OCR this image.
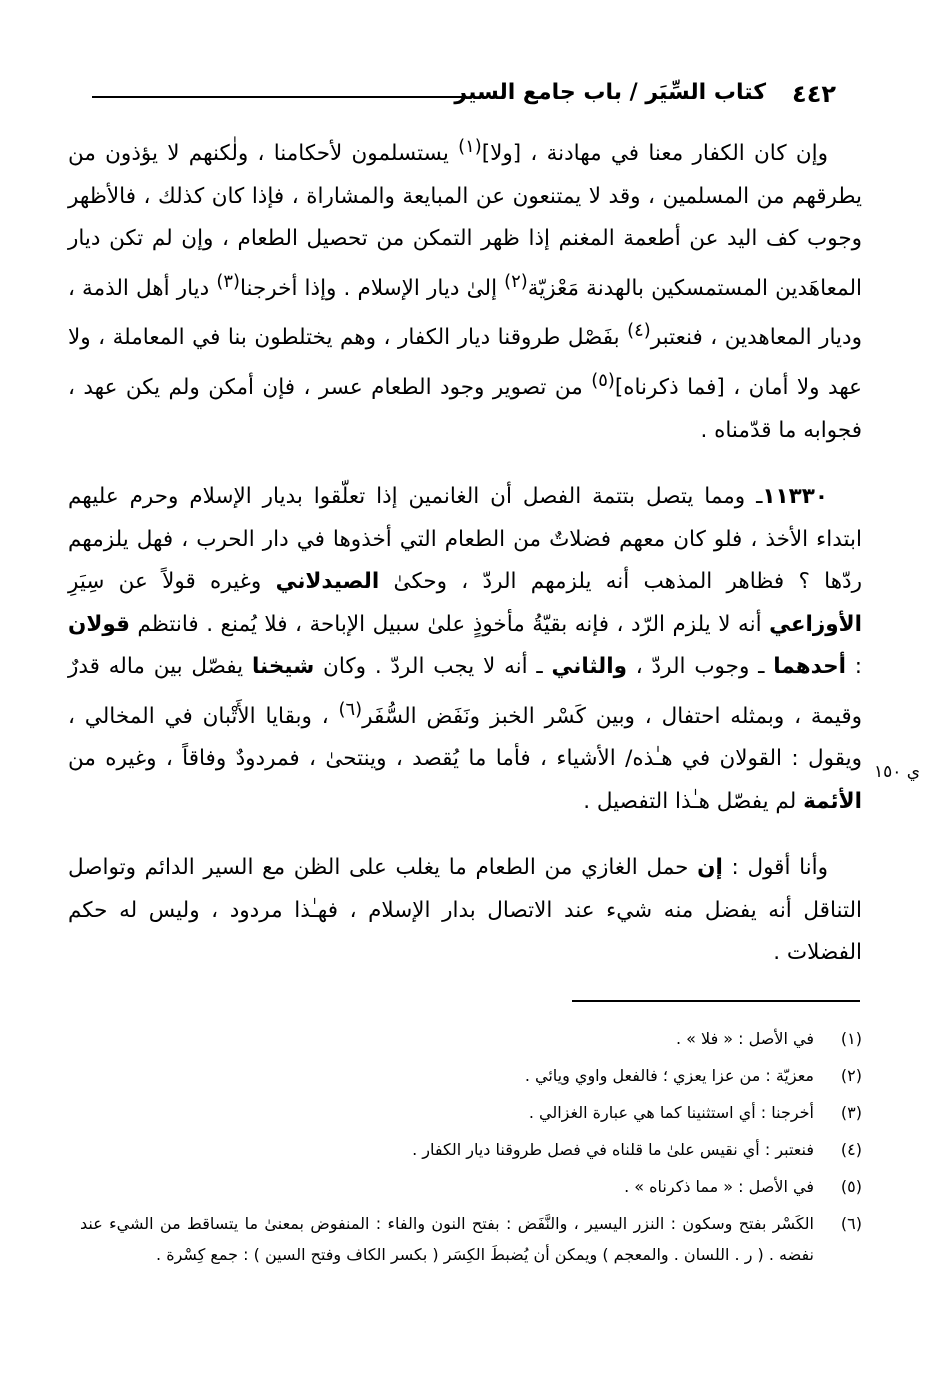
٤٤٢
كتاب السِّيَر / باب جامع السير

وإن كان الكفار معنا في مهادنة ، [ولا]$^{(١)}$ يستسلمون لأحكامنا ، ولٰكنهم لا يؤذون من يطرقهم من المسلمين ، وقد لا يمتنعون عن المبايعة والمشاراة ، فإذا كان كذلك ، فالأظهر وجوب كف اليد عن أطعمة المغنم إذا ظهر التمكن من تحصيل الطعام ، وإن لم تكن ديار المعاهَدين المستمسكين بالهدنة مَعْزيّة$^{(٢)}$ إلىٰ ديار الإسلام . وإذا أخرجنا$^{(٣)}$ ديار أهل الذمة ، وديار المعاهدين ، فنعتبر$^{(٤)}$ بفَصْل طروقنا ديار الكفار ، وهم يختلطون بنا في المعاملة ، ولا عهد ولا أمان ، [فما ذكرناه]$^{(٥)}$ من تصوير وجود الطعام عسر ، فإن أمكن ولم يكن عهد ، فجوابه ما قدّمناه .

١١٣٣٠ـ ومما يتصل بتتمة الفصل أن الغانمين إذا تعلّقوا بديار الإسلام وحرم عليهم ابتداء الأخذ ، فلو كان معهم فضلاتٌ من الطعام التي أخذوها في دار الحرب ، فهل يلزمهم ردّها ؟ فظاهر المذهب أنه يلزمهم الردّ ، وحكىٰ الصيدلاني وغيره قولاً عن سِيَرِ الأوزاعي أنه لا يلزم الرّد ، فإنه بقيّةُ مأخوذٍ علىٰ سبيل الإباحة ، فلا يُمنع . فانتظم قولان : أحدهما ـ وجوب الردّ ، والثاني ـ أنه لا يجب الردّ . وكان شيخنا يفصّل بين ماله قدرٌ وقيمة ، وبمثله احتفال ، وبين كَسْر الخبز ونَفَض السُّفَر$^{(٦)}$ ، وبقايا الأَتْبان في المخالي ، ويقول : القولان في هـٰذه/ الأشياء ، فأما ما يُقصد ، وينتحىٰ ، فمردودٌ وفاقاً ، وغيره من الأئمة لم يفصّل هـٰذا التفصيل .

وأنا أقول : إن حمل الغازي من الطعام ما يغلب على الظن مع السير الدائم وتواصل التناقل أنه يفضل منه شيء عند الاتصال بدار الإسلام ، فهـٰذا مردود ، وليس له حكم الفضلات .

ي ١٥٠
(١)
في الأصل : « فلا » .
(٢)
معزيّة : من عزا يعزي ؛ فالفعل واوي ويائي .
(٣)
أخرجنا : أي استثنينا كما هي عبارة الغزالي .
(٤)
فنعتبر : أي نقيس علىٰ ما قلناه في فصل طروقنا ديار الكفار .
(٥)
في الأصل : « مما ذكرناه » .
(٦)
الكَسْر بفتح وسكون : النزر اليسير ، والنَّفَض : بفتح النون والفاء : المنفوض بمعنىٰ ما يتساقط من الشيء عند نفضه . ( ر . اللسان . والمعجم ) ويمكن أن يُضبطَ الكِسَر ( بكسر الكاف وفتح السين ) : جمع كِسْرة .
